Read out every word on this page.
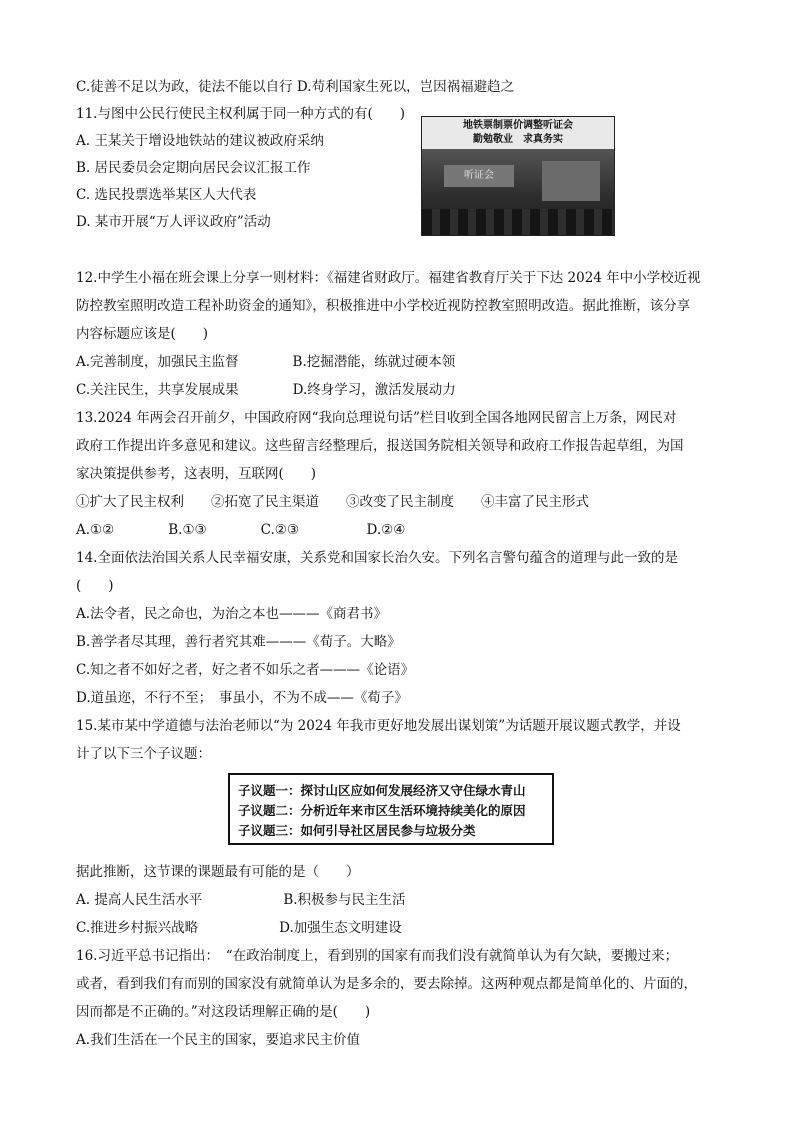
C.徒善不足以为政，徒法不能以自行 D.苟利国家生死以，岂因祸福避趋之
11.与图中公民行使民主权利属于同一种方式的有(　　)
A. 王某关于增设地铁站的建议被政府采纳
B. 居民委员会定期向居民会议汇报工作
C. 选民投票选举某区人大代表
D. 某市开展“万人评议政府”活动
地铁票制票价调整听证会
勤勉敬业　求真务实
听证会
12.中学生小福在班会课上分享一则材料：《福建省财政厅。福建省教育厅关于下达 2024 年中小学校近视
防控教室照明改造工程补助资金的通知》，积极推进中小学校近视防控教室照明改造。据此推断，该分享
内容标题应该是(　　)
A.完善制度，加强民主监督　　　　B.挖掘潜能，练就过硬本领
C.关注民生，共享发展成果　　　　D.终身学习，激活发展动力
13.2024 年两会召开前夕，中国政府网“我向总理说句话”栏目收到全国各地网民留言上万条，网民对
政府工作提出许多意见和建议。这些留言经整理后，报送国务院相关领导和政府工作报告起草组，为国
家决策提供参考，这表明，互联网(　　)
①扩大了民主权利　　②拓宽了民主渠道　　③改变了民主制度　　④丰富了民主形式
A.①②　　　　B.①③　　　　C.②③　　　　　D.②④
14.全面依法治国关系人民幸福安康，关系党和国家长治久安。下列名言警句蕴含的道理与此一致的是
(　　)
A.法令者，民之命也，为治之本也———《商君书》
B.善学者尽其理，善行者究其难———《荀子。大略》
C.知之者不如好之者，好之者不如乐之者———《论语》
D.道虽迩，不行不至；　事虽小，不为不成——《荀子》
15.某市某中学道德与法治老师以“为 2024 年我市更好地发展出谋划策”为话题开展议题式教学，并设
计了以下三个子议题：
子议题一：探讨山区应如何发展经济又守住绿水青山
子议题二：分析近年来市区生活环境持续美化的原因
子议题三：如何引导社区居民参与垃圾分类
据此推断，这节课的课题最有可能的是（　　）
A. 提高人民生活水平　　　　　　B.积极参与民主生活
C.推进乡村振兴战略　　　　　　D.加强生态文明建设
16.习近平总书记指出：　“在政治制度上，看到别的国家有而我们没有就简单认为有欠缺，要搬过来；
或者，看到我们有而别的国家没有就简单认为是多余的，要去除掉。这两种观点都是简单化的、片面的，
因而都是不正确的。”对这段话理解正确的是(　　)
A.我们生活在一个民主的国家，要追求民主价值
